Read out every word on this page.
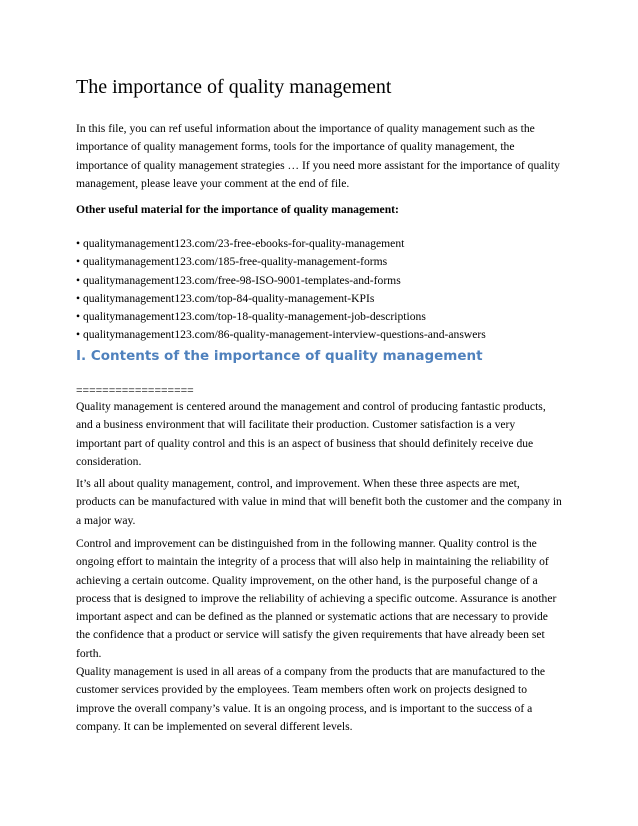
The importance of quality management

In this file, you can ref useful information about the importance of quality management such as the importance of quality management forms, tools for the importance of quality management, the importance of quality management strategies … If you need more assistant for the importance of quality management, please leave your comment at the end of file.

Other useful material for the importance of quality management:

• qualitymanagement123.com/23-free-ebooks-for-quality-management
• qualitymanagement123.com/185-free-quality-management-forms
• qualitymanagement123.com/free-98-ISO-9001-templates-and-forms
• qualitymanagement123.com/top-84-quality-management-KPIs
• qualitymanagement123.com/top-18-quality-management-job-descriptions
• qualitymanagement123.com/86-quality-management-interview-questions-and-answers
I. Contents of the importance of quality management
==================

Quality management is centered around the management and control of producing fantastic products, and a business environment that will facilitate their production. Customer satisfaction is a very important part of quality control and this is an aspect of business that should definitely receive due consideration.

It’s all about quality management, control, and improvement. When these three aspects are met, products can be manufactured with value in mind that will benefit both the customer and the company in a major way.

Control and improvement can be distinguished from in the following manner. Quality control is the ongoing effort to maintain the integrity of a process that will also help in maintaining the reliability of achieving a certain outcome. Quality improvement, on the other hand, is the purposeful change of a process that is designed to improve the reliability of achieving a specific outcome. Assurance is another important aspect and can be defined as the planned or systematic actions that are necessary to provide the confidence that a product or service will satisfy the given requirements that have already been set forth.

Quality management is used in all areas of a company from the products that are manufactured to the customer services provided by the employees. Team members often work on projects designed to improve the overall company’s value. It is an ongoing process, and is important to the success of a company. It can be implemented on several different levels.
